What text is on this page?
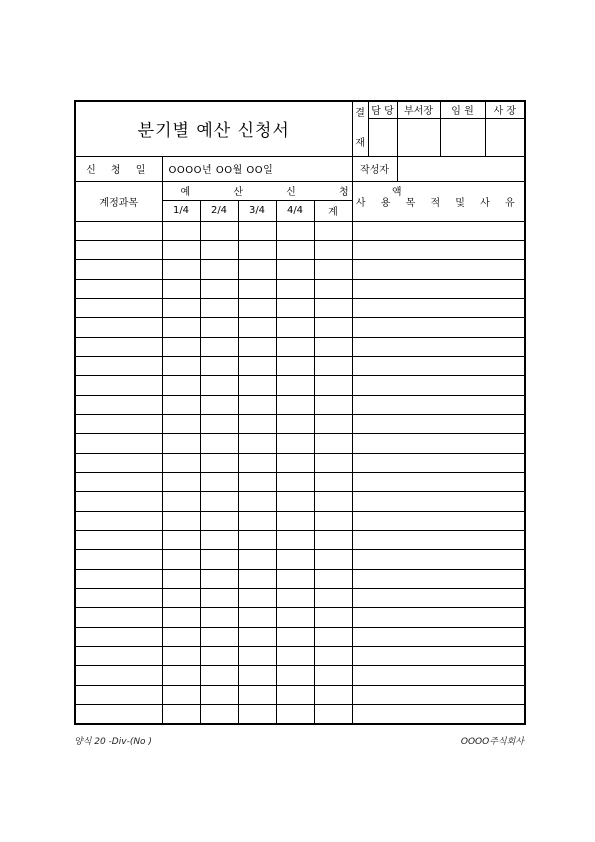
분기별 예산 신청서						결
재	담 당	부서장	임 원	사 장

신 청 일	OOOO년 OO월 OO일					작성자				
계정과목	예 산 신 청 액					사 용 목 적 및 사 유				
	1/4	2/4	3/4	4/4	계					

양식 20 -Div-(No )	OOOO주식회사
